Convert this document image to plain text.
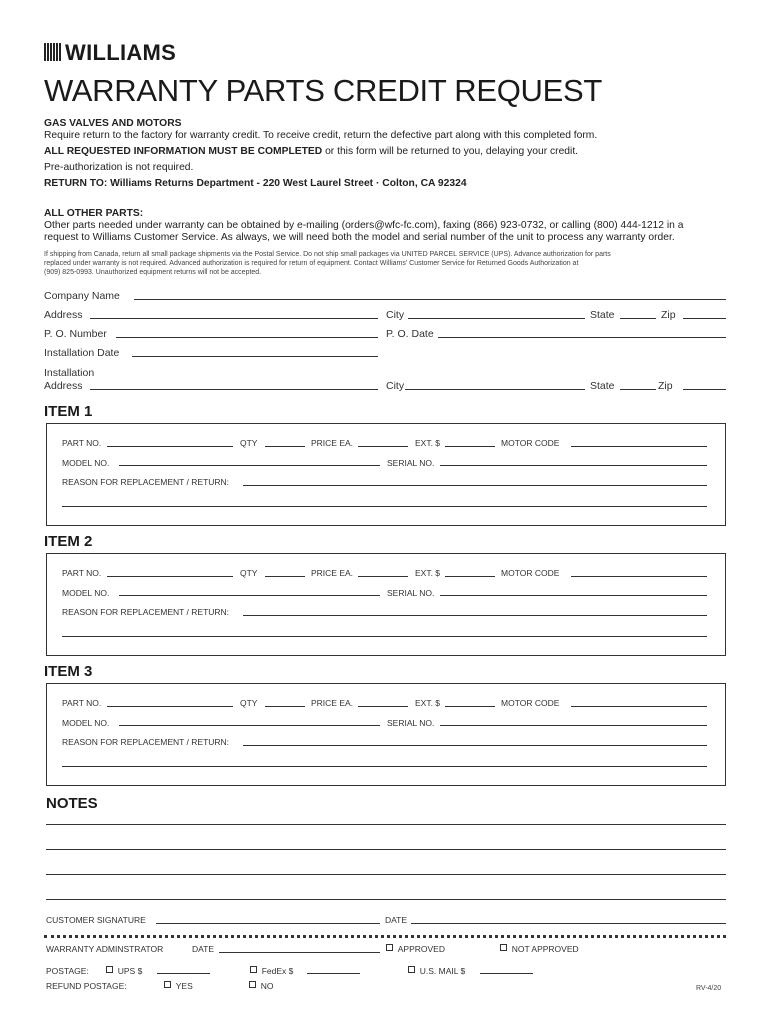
WILLIAMS
WARRANTY PARTS CREDIT REQUEST
GAS VALVES AND MOTORS
Require return to the factory for warranty credit. To receive credit, return the defective part along with this completed form.
ALL REQUESTED INFORMATION MUST BE COMPLETED or this form will be returned to you, delaying your credit.
Pre-authorization is not required.
RETURN TO: Williams Returns Department - 220 West Laurel Street · Colton, CA 92324
ALL OTHER PARTS:
Other parts needed under warranty can be obtained by e-mailing (orders@wfc-fc.com), faxing (866) 923-0732, or calling (800) 444-1212 in a
request to Williams Customer Service. As always, we will need both the model and serial number of the unit to process any warranty order.
If shipping from Canada, return all small package shipments via the Postal Service. Do not ship small packages via UNITED PARCEL SERVICE (UPS). Advance authorization for parts
replaced under warranty is not required. Advanced authorization is required for return of equipment. Contact Williams' Customer Service for Returned Goods Authorization at
(909) 825-0993. Unauthorized equipment returns will not be accepted.
Company Name
Address	City	State	Zip
P. O. Number	P. O. Date
Installation Date
Installation
Address	City	State	Zip
ITEM 1
PART NO.	QTY	PRICE EA.	EXT. $	MOTOR CODE
MODEL NO.	SERIAL NO.
REASON FOR REPLACEMENT / RETURN:
ITEM 2
PART NO.	QTY	PRICE EA.	EXT. $	MOTOR CODE
MODEL NO.	SERIAL NO.
REASON FOR REPLACEMENT / RETURN:
ITEM 3
PART NO.	QTY	PRICE EA.	EXT. $	MOTOR CODE
MODEL NO.	SERIAL NO.
REASON FOR REPLACEMENT / RETURN:
NOTES
CUSTOMER SIGNATURE	DATE
WARRANTY ADMINSTRATOR	DATE	APPROVED	NOT APPROVED
POSTAGE:	UPS $	FedEx $	U.S. MAIL $
REFUND POSTAGE:	YES	NO	RV-4/20
